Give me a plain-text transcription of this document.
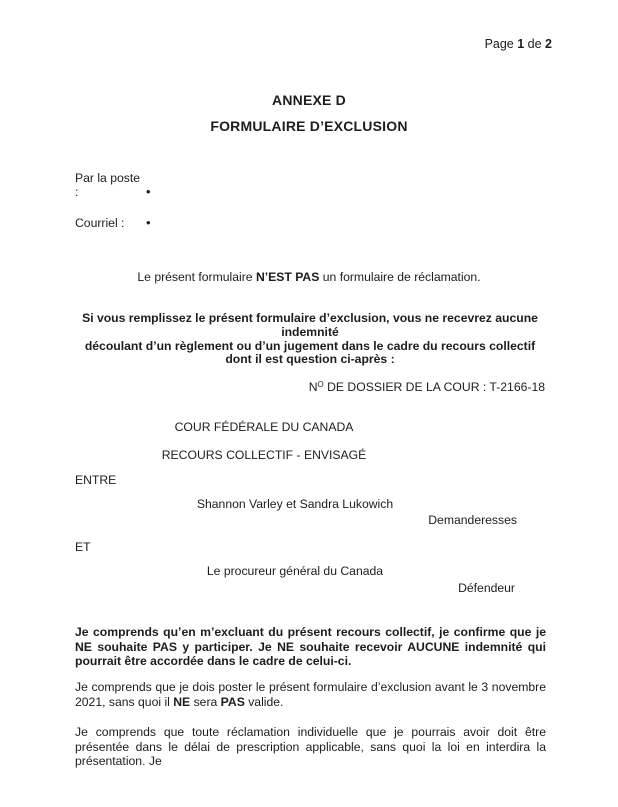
Page 1 de 2
ANNEXE D
FORMULAIRE D’EXCLUSION
Par la poste :	•
Courriel : •
Le présent formulaire N’EST PAS un formulaire de réclamation.
Si vous remplissez le présent formulaire d’exclusion, vous ne recevrez aucune indemnité
découlant d’un règlement ou d’un jugement dans le cadre du recours collectif
dont il est question ci-après :
$N^O$ DE DOSSIER DE LA COUR : T-2166-18
COUR FÉDÉRALE DU CANADA
RECOURS COLLECTIF - ENVISAGÉ
ENTRE
Shannon Varley et Sandra Lukowich
Demanderesses
ET
Le procureur général du Canada
Défendeur
Je comprends qu’en m’excluant du présent recours collectif, je confirme que je NE souhaite PAS y participer. Je NE souhaite recevoir AUCUNE indemnité qui pourrait être accordée dans le cadre de celui-ci.
Je comprends que je dois poster le présent formulaire d’exclusion avant le 3 novembre 2021, sans quoi il NE sera PAS valide.
Je comprends que toute réclamation individuelle que je pourrais avoir doit être présentée dans le délai de prescription applicable, sans quoi la loi en interdira la présentation. Je
